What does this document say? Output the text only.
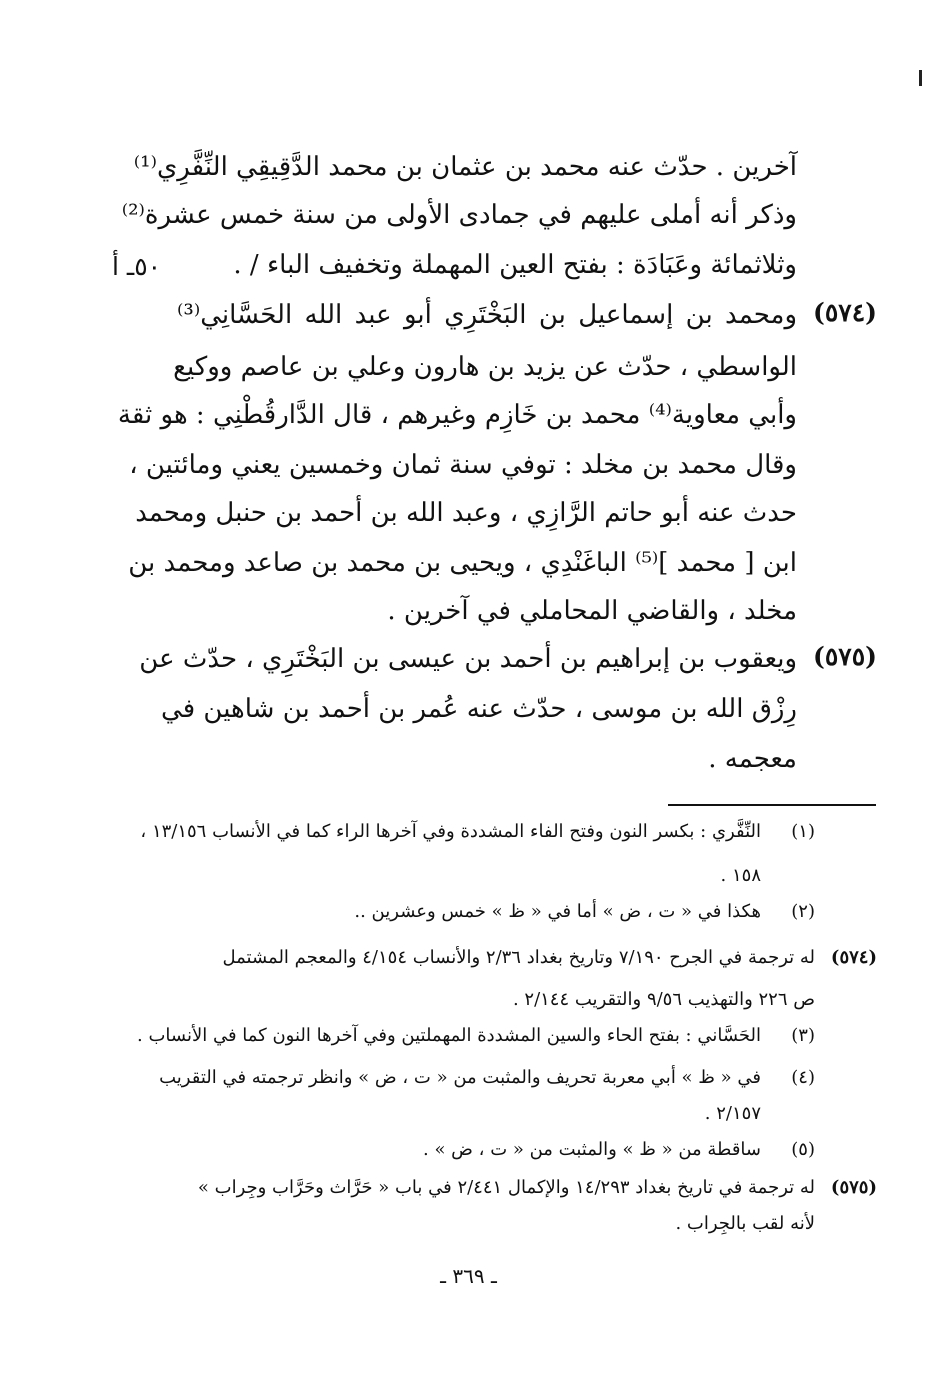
٥٠ـ أ
آخرين . حدّث عنه محمد بن عثمان بن محمد الدَّقِيقِي النِّفَّرِي⁽¹⁾
وذكر أنه أملى عليهم في جمادى الأولى من سنة خمس عشرة⁽²⁾
وثلاثمائة وعَبَادَة : بفتح العين المهملة وتخفيف الباء / .
(٥٧٤)
ومحمد بن إسماعيل بن البَخْتَرِي أبو عبد الله الحَسَّانِي⁽³⁾
الواسطي ، حدّث عن يزيد بن هارون وعلي بن عاصم ووكيع
وأبي معاوية⁽⁴⁾ محمد بن خَازِم وغيرهم ، قال الدَّارقُطْنِي : هو ثقة
وقال محمد بن مخلد : توفي سنة ثمان وخمسين يعني ومائتين ،
حدث عنه أبو حاتم الرَّازِي ، وعبد الله بن أحمد بن حنبل ومحمد
ابن [ محمد ]⁽⁵⁾ الباغَنْدِي ، ويحيى بن محمد بن صاعد ومحمد بن
مخلد ، والقاضي المحاملي في آخرين .
(٥٧٥)
ويعقوب بن إبراهيم بن أحمد بن عيسى بن البَخْتَرِي ، حدّث عن
رِزْق الله بن موسى ، حدّث عنه عُمر بن أحمد بن شاهين في
معجمه .
(١)
النِّفَّري : بكسر النون وفتح الفاء المشددة وفي آخرها الراء كما في الأنساب ١٣/١٥٦ ،
١٥٨ .
(٢)
هكذا في « ت ، ض » أما في « ظ » خمس وعشرين ..
(٥٧٤)
له ترجمة في الجرح ٧/١٩٠ وتاريخ بغداد ٢/٣٦ والأنساب ٤/١٥٤ والمعجم المشتمل
ص ٢٢٦ والتهذيب ٩/٥٦ والتقريب ٢/١٤٤ .
(٣)
الحَسَّاني : بفتح الحاء والسين المشددة المهملتين وفي آخرها النون كما في الأنساب .
(٤)
في « ظ » أبي معربة تحريف والمثبت من « ت ، ض » وانظر ترجمته في التقريب
٢/١٥٧ .
(٥)
ساقطة من « ظ » والمثبت من « ت ، ض » .
(٥٧٥)
له ترجمة في تاريخ بغداد ١٤/٢٩٣ والإكمال ٢/٤٤١ في باب « حَرَّاث وحَرَّاب وجِراب »
لأنه لقب بالجِراب .
ـ ٣٦٩ ـ
